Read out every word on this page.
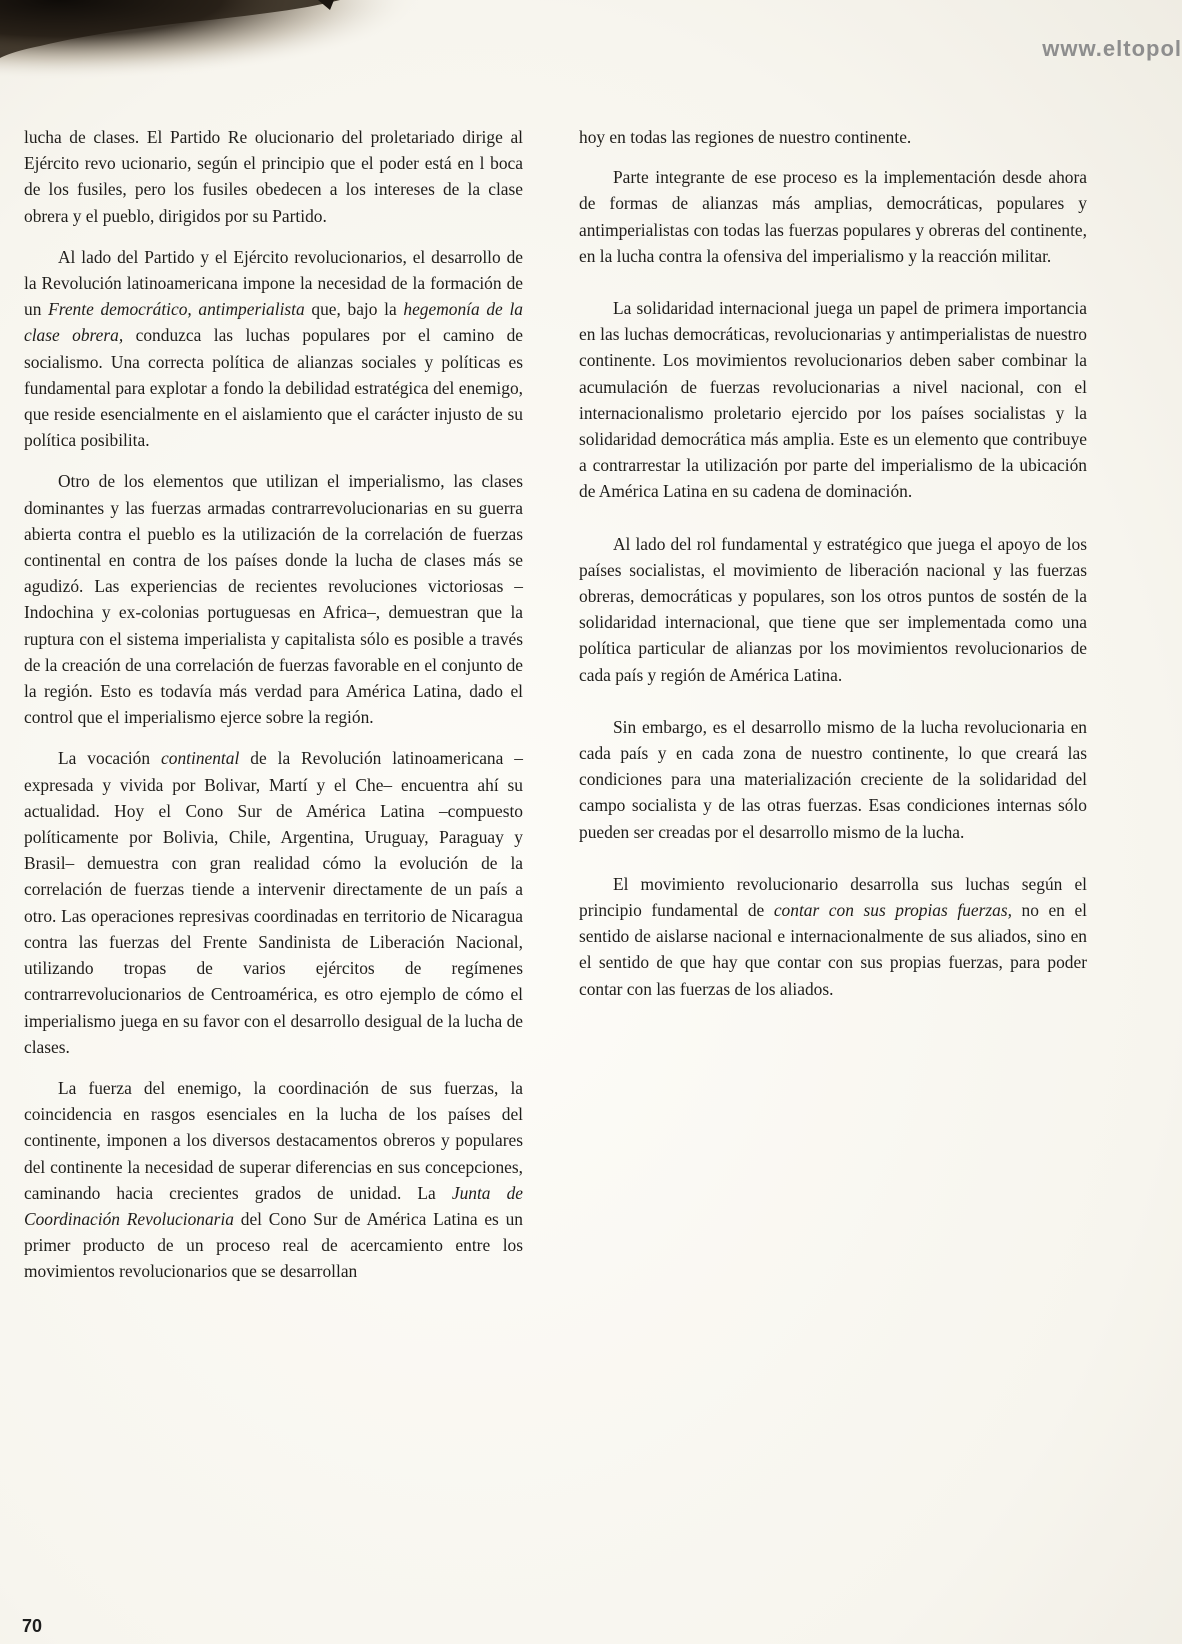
www.eltopol

lucha de clases. El Partido Re olucionario del proletariado dirige al Ejército revo ucionario, según el principio que el poder está en l boca de los fusiles, pero los fusiles obedecen a los intereses de la clase obrera y el pueblo, dirigidos por su Partido.

Al lado del Partido y el Ejército revolucionarios, el desarrollo de la Revolución latinoamericana impone la necesidad de la formación de un Frente democrático, antimperialista que, bajo la hegemonía de la clase obrera, conduzca las luchas populares por el camino de socialismo. Una correcta política de alianzas sociales y políticas es fundamental para explotar a fondo la debilidad estratégica del enemigo, que reside esencialmente en el aislamiento que el carácter injusto de su política posibilita.

Otro de los elementos que utilizan el imperialismo, las clases dominantes y las fuerzas armadas contrarrevolucionarias en su guerra abierta contra el pueblo es la utilización de la correlación de fuerzas continental en contra de los países donde la lucha de clases más se agudizó. Las experiencias de recientes revoluciones victoriosas –Indochina y ex-colonias portuguesas en Africa–, demuestran que la ruptura con el sistema imperialista y capitalista sólo es posible a través de la creación de una correlación de fuerzas favorable en el conjunto de la región. Esto es todavía más verdad para América Latina, dado el control que el imperialismo ejerce sobre la región.

La vocación continental de la Revolución latinoamericana –expresada y vivida por Bolivar, Martí y el Che– encuentra ahí su actualidad. Hoy el Cono Sur de América Latina –compuesto políticamente por Bolivia, Chile, Argentina, Uruguay, Paraguay y Brasil– demuestra con gran realidad cómo la evolución de la correlación de fuerzas tiende a intervenir directamente de un país a otro. Las operaciones represivas coordinadas en territorio de Nicaragua contra las fuerzas del Frente Sandinista de Liberación Nacional, utilizando tropas de varios ejércitos de regímenes contrarrevolucionarios de Centroamérica, es otro ejemplo de cómo el imperialismo juega en su favor con el desarrollo desigual de la lucha de clases.

La fuerza del enemigo, la coordinación de sus fuerzas, la coincidencia en rasgos esenciales en la lucha de los países del continente, imponen a los diversos destacamentos obreros y populares del continente la necesidad de superar diferencias en sus concepciones, caminando hacia crecientes grados de unidad. La Junta de Coordinación Revolucionaria del Cono Sur de América Latina es un primer producto de un proceso real de acercamiento entre los movimientos revolucionarios que se desarrollan

hoy en todas las regiones de nuestro continente.

Parte integrante de ese proceso es la implementación desde ahora de formas de alianzas más amplias, democráticas, populares y antimperialistas con todas las fuerzas populares y obreras del continente, en la lucha contra la ofensiva del imperialismo y la reacción militar.

La solidaridad internacional juega un papel de primera importancia en las luchas democráticas, revolucionarias y antimperialistas de nuestro continente. Los movimientos revolucionarios deben saber combinar la acumulación de fuerzas revolucionarias a nivel nacional, con el internacionalismo proletario ejercido por los países socialistas y la solidaridad democrática más amplia. Este es un elemento que contribuye a contrarrestar la utilización por parte del imperialismo de la ubicación de América Latina en su cadena de dominación.

Al lado del rol fundamental y estratégico que juega el apoyo de los países socialistas, el movimiento de liberación nacional y las fuerzas obreras, democráticas y populares, son los otros puntos de sostén de la solidaridad internacional, que tiene que ser implementada como una política particular de alianzas por los movimientos revolucionarios de cada país y región de América Latina.

Sin embargo, es el desarrollo mismo de la lucha revolucionaria en cada país y en cada zona de nuestro continente, lo que creará las condiciones para una materialización creciente de la solidaridad del campo socialista y de las otras fuerzas. Esas condiciones internas sólo pueden ser creadas por el desarrollo mismo de la lucha.

El movimiento revolucionario desarrolla sus luchas según el principio fundamental de contar con sus propias fuerzas, no en el sentido de aislarse nacional e internacionalmente de sus aliados, sino en el sentido de que hay que contar con sus propias fuerzas, para poder contar con las fuerzas de los aliados.

70
